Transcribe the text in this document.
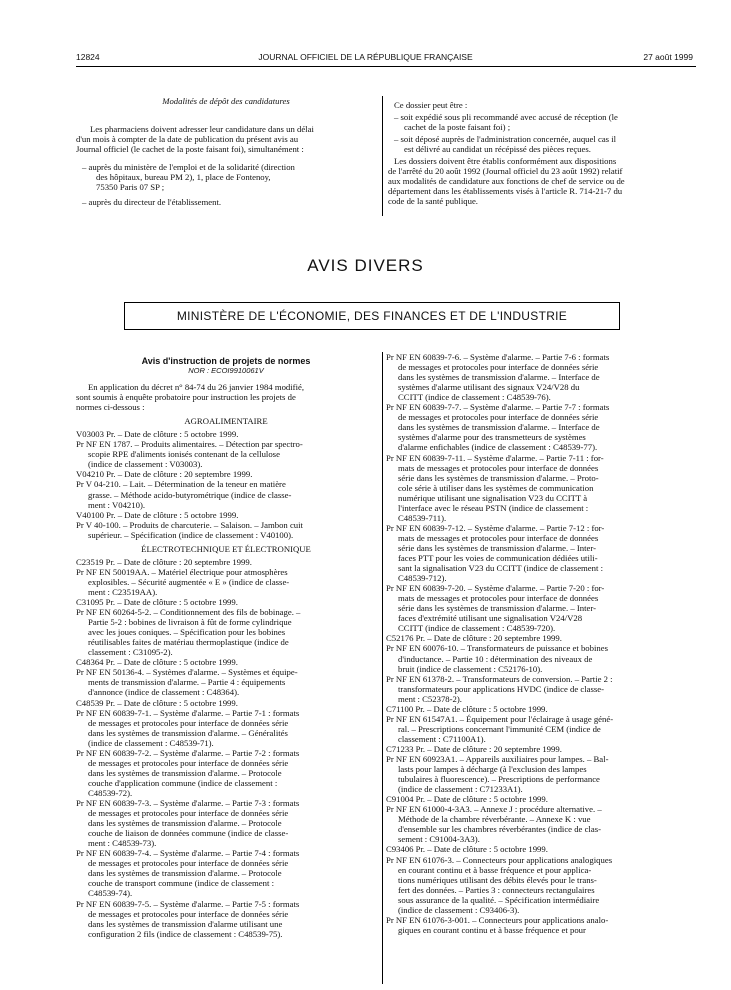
12824	JOURNAL OFFICIEL DE LA RÉPUBLIQUE FRANÇAISE	27 août 1999
Modalités de dépôt des candidatures
Les pharmaciens doivent adresser leur candidature dans un délai
d'un mois à compter de la date de publication du présent avis au
Journal officiel (le cachet de la poste faisant foi), simultanément :
– auprès du ministère de l'emploi et de la solidarité (direction
des hôpitaux, bureau PM 2), 1, place de Fontenoy,
75350 Paris 07 SP ;
– auprès du directeur de l'établissement.
Ce dossier peut être :
– soit expédié sous pli recommandé avec accusé de réception (le
cachet de la poste faisant foi) ;
– soit déposé auprès de l'administration concernée, auquel cas il
est délivré au candidat un récépissé des pièces reçues.
Les dossiers doivent être établis conformément aux dispositions
de l'arrêté du 20 août 1992 (Journal officiel du 23 août 1992) relatif
aux modalités de candidature aux fonctions de chef de service ou de
département dans les établissements visés à l'article R. 714-21-7 du
code de la santé publique.
AVIS DIVERS
MINISTÈRE DE L'ÉCONOMIE, DES FINANCES ET DE L'INDUSTRIE
Avis d'instruction de projets de normes
NOR : ECOI9910061V
En application du décret n° 84-74 du 26 janvier 1984 modifié,
sont soumis à enquête probatoire pour instruction les projets de
normes ci-dessous :
AGROALIMENTAIRE
V03003 Pr. – Date de clôture : 5 octobre 1999.
Pr NF EN 1787. – Produits alimentaires. – Détection par spectro-
scopie RPE d'aliments ionisés contenant de la cellulose
(indice de classement : V03003).
V04210 Pr. – Date de clôture : 20 septembre 1999.
Pr V 04-210. – Lait. – Détermination de la teneur en matière
grasse. – Méthode acido-butyrométrique (indice de classe-
ment : V04210).
V40100 Pr. – Date de clôture : 5 octobre 1999.
Pr V 40-100. – Produits de charcuterie. – Salaison. – Jambon cuit
supérieur. – Spécification (indice de classement : V40100).
ÉLECTROTECHNIQUE ET ÉLECTRONIQUE
C23519 Pr. – Date de clôture : 20 septembre 1999.
Pr NF EN 50019AA. – Matériel électrique pour atmosphères
explosibles. – Sécurité augmentée « E » (indice de classe-
ment : C23519AA).
C31095 Pr. – Date de clôture : 5 octobre 1999.
Pr NF EN 60264-5-2. – Conditionnement des fils de bobinage. –
Partie 5-2 : bobines de livraison à fût de forme cylindrique
avec les joues coniques. – Spécification pour les bobines
réutilisables faites de matériau thermoplastique (indice de
classement : C31095-2).
C48364 Pr. – Date de clôture : 5 octobre 1999.
Pr NF EN 50136-4. – Systèmes d'alarme. – Systèmes et équipe-
ments de transmission d'alarme. – Partie 4 : équipements
d'annonce (indice de classement : C48364).
C48539 Pr. – Date de clôture : 5 octobre 1999.
Pr NF EN 60839-7-1. – Système d'alarme. – Partie 7-1 : formats
de messages et protocoles pour interface de données série
dans les systèmes de transmission d'alarme. – Généralités
(indice de classement : C48539-71).
Pr NF EN 60839-7-2. – Système d'alarme. – Partie 7-2 : formats
de messages et protocoles pour interface de données série
dans les systèmes de transmission d'alarme. – Protocole
couche d'application commune (indice de classement :
C48539-72).
Pr NF EN 60839-7-3. – Système d'alarme. – Partie 7-3 : formats
de messages et protocoles pour interface de données série
dans les systèmes de transmission d'alarme. – Protocole
couche de liaison de données commune (indice de classe-
ment : C48539-73).
Pr NF EN 60839-7-4. – Système d'alarme. – Partie 7-4 : formats
de messages et protocoles pour interface de données série
dans les systèmes de transmission d'alarme. – Protocole
couche de transport commune (indice de classement :
C48539-74).
Pr NF EN 60839-7-5. – Système d'alarme. – Partie 7-5 : formats
de messages et protocoles pour interface de données série
dans les systèmes de transmission d'alarme utilisant une
configuration 2 fils (indice de classement : C48539-75).
Pr NF EN 60839-7-6. – Système d'alarme. – Partie 7-6 : formats
de messages et protocoles pour interface de données série
dans les systèmes de transmission d'alarme. – Interface de
systèmes d'alarme utilisant des signaux V24/V28 du
CCITT (indice de classement : C48539-76).
Pr NF EN 60839-7-7. – Système d'alarme. – Partie 7-7 : formats
de messages et protocoles pour interface de données série
dans les systèmes de transmission d'alarme. – Interface de
systèmes d'alarme pour des transmetteurs de systèmes
d'alarme enfichables (indice de classement : C48539-77).
Pr NF EN 60839-7-11. – Système d'alarme. – Partie 7-11 : for-
mats de messages et protocoles pour interface de données
série dans les systèmes de transmission d'alarme. – Proto-
cole série à utiliser dans les systèmes de communication
numérique utilisant une signalisation V23 du CCITT à
l'interface avec le réseau PSTN (indice de classement :
C48539-711).
Pr NF EN 60839-7-12. – Système d'alarme. – Partie 7-12 : for-
mats de messages et protocoles pour interface de données
série dans les systèmes de transmission d'alarme. – Inter-
faces PTT pour les voies de communication dédiées utili-
sant la signalisation V23 du CCITT (indice de classement :
C48539-712).
Pr NF EN 60839-7-20. – Système d'alarme. – Partie 7-20 : for-
mats de messages et protocoles pour interface de données
série dans les systèmes de transmission d'alarme. – Inter-
faces d'extrémité utilisant une signalisation V24/V28
CCITT (indice de classement : C48539-720).
C52176 Pr. – Date de clôture : 20 septembre 1999.
Pr NF EN 60076-10. – Transformateurs de puissance et bobines
d'inductance. – Partie 10 : détermination des niveaux de
bruit (indice de classement : C52176-10).
Pr NF EN 61378-2. – Transformateurs de conversion. – Partie 2 :
transformateurs pour applications HVDC (indice de classe-
ment : C52378-2).
C71100 Pr. – Date de clôture : 5 octobre 1999.
Pr NF EN 61547A1. – Équipement pour l'éclairage à usage géné-
ral. – Prescriptions concernant l'immunité CEM (indice de
classement : C71100A1).
C71233 Pr. – Date de clôture : 20 septembre 1999.
Pr NF EN 60923A1. – Appareils auxiliaires pour lampes. – Bal-
lasts pour lampes à décharge (à l'exclusion des lampes
tubulaires à fluorescence). – Prescriptions de performance
(indice de classement : C71233A1).
C91004 Pr. – Date de clôture : 5 octobre 1999.
Pr NF EN 61000-4-3A3. – Annexe J : procédure alternative. –
Méthode de la chambre réverbérante. – Annexe K : vue
d'ensemble sur les chambres réverbérantes (indice de clas-
sement : C91004-3A3).
C93406 Pr. – Date de clôture : 5 octobre 1999.
Pr NF EN 61076-3. – Connecteurs pour applications analogiques
en courant continu et à basse fréquence et pour applica-
tions numériques utilisant des débits élevés pour le trans-
fert des données. – Parties 3 : connecteurs rectangulaires
sous assurance de la qualité. – Spécification intermédiaire
(indice de classement : C93406-3).
Pr NF EN 61076-3-001. – Connecteurs pour applications analo-
giques en courant continu et à basse fréquence et pour
